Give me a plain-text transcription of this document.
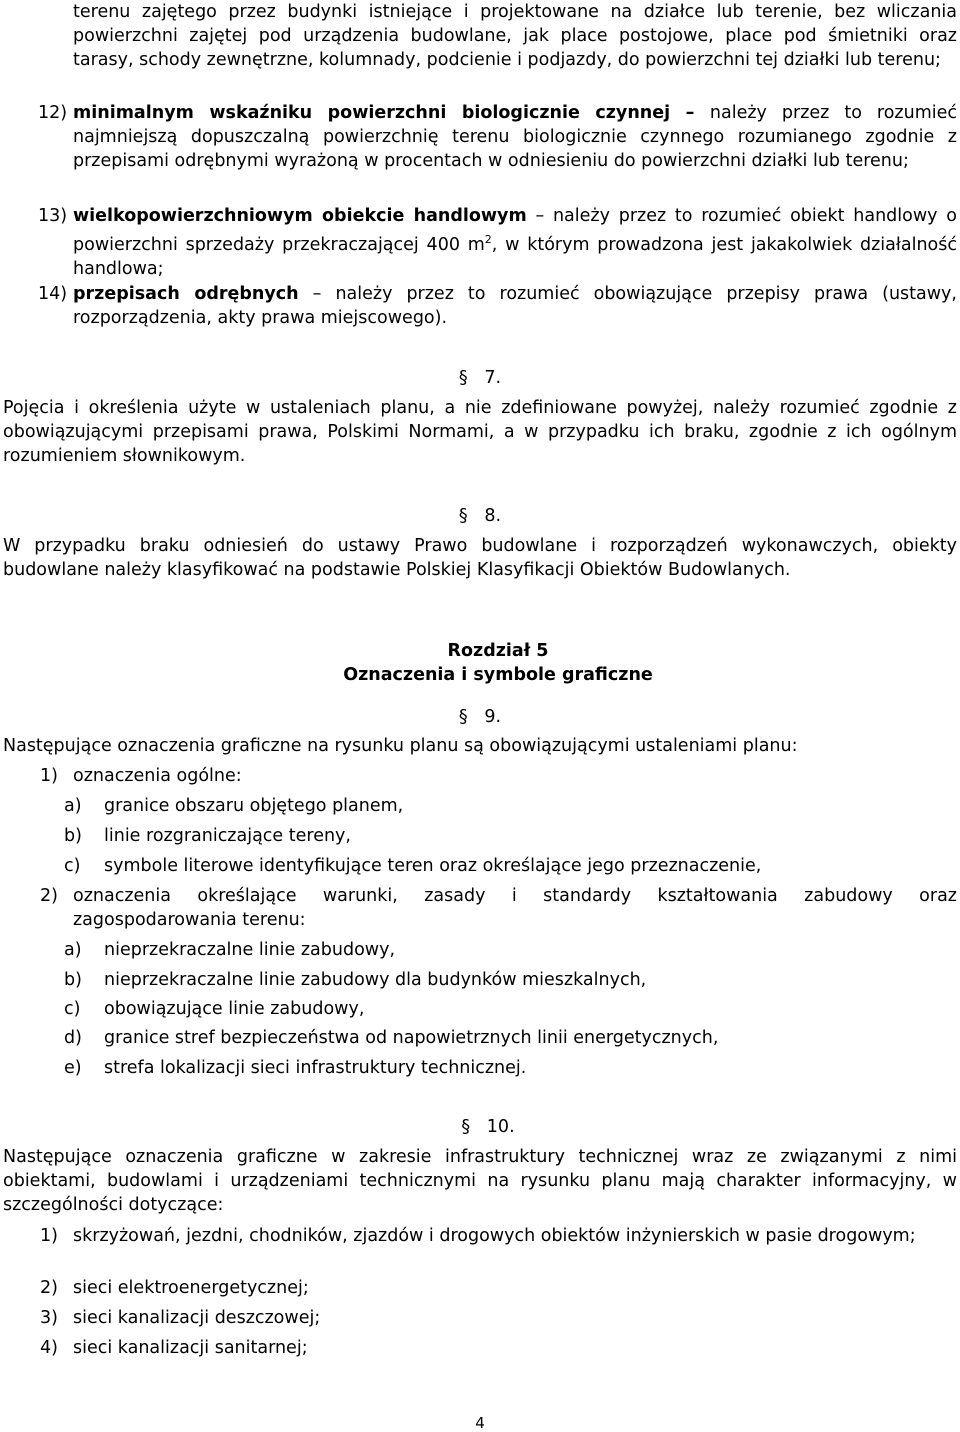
terenu zajętego przez budynki istniejące i projektowane na działce lub terenie, bez wliczania powierzchni zajętej pod urządzenia budowlane, jak place postojowe, place pod śmietniki oraz tarasy, schody zewnętrzne, kolumnady, podcienie i podjazdy, do powierzchni tej działki lub terenu;
12) minimalnym wskaźniku powierzchni biologicznie czynnej – należy przez to rozumieć najmniejszą dopuszczalną powierzchnię terenu biologicznie czynnego rozumianego zgodnie z przepisami odrębnymi wyrażoną w procentach w odniesieniu do powierzchni działki lub terenu;
13) wielkopowierzchniowym obiekcie handlowym – należy przez to rozumieć obiekt handlowy o powierzchni sprzedaży przekraczającej 400 $m^2$, w którym prowadzona jest jakakolwiek działalność handlowa;
14) przepisach odrębnych – należy przez to rozumieć obowiązujące przepisy prawa (ustawy, rozporządzenia, akty prawa miejscowego).
§ 7.
Pojęcia i określenia użyte w ustaleniach planu, a nie zdefiniowane powyżej, należy rozumieć zgodnie z obowiązującymi przepisami prawa, Polskimi Normami, a w przypadku ich braku, zgodnie z ich ogólnym rozumieniem słownikowym.
§ 8.
W przypadku braku odniesień do ustawy Prawo budowlane i rozporządzeń wykonawczych, obiekty budowlane należy klasyfikować na podstawie Polskiej Klasyfikacji Obiektów Budowlanych.
Rozdział 5
Oznaczenia i symbole graficzne
§ 9.
Następujące oznaczenia graficzne na rysunku planu są obowiązującymi ustaleniami planu:
1) oznaczenia ogólne:
a) granice obszaru objętego planem,
b) linie rozgraniczające tereny,
c) symbole literowe identyfikujące teren oraz określające jego przeznaczenie,
2) oznaczenia określające warunki, zasady i standardy kształtowania zabudowy oraz zagospodarowania terenu:
a) nieprzekraczalne linie zabudowy,
b) nieprzekraczalne linie zabudowy dla budynków mieszkalnych,
c) obowiązujące linie zabudowy,
d) granice stref bezpieczeństwa od napowietrznych linii energetycznych,
e) strefa lokalizacji sieci infrastruktury technicznej.
§ 10.
Następujące oznaczenia graficzne w zakresie infrastruktury technicznej wraz ze związanymi z nimi obiektami, budowlami i urządzeniami technicznymi na rysunku planu mają charakter informacyjny, w szczególności dotyczące:
1) skrzyżowań, jezdni, chodników, zjazdów i drogowych obiektów inżynierskich w pasie drogowym;
2) sieci elektroenergetycznej;
3) sieci kanalizacji deszczowej;
4) sieci kanalizacji sanitarnej;
4
